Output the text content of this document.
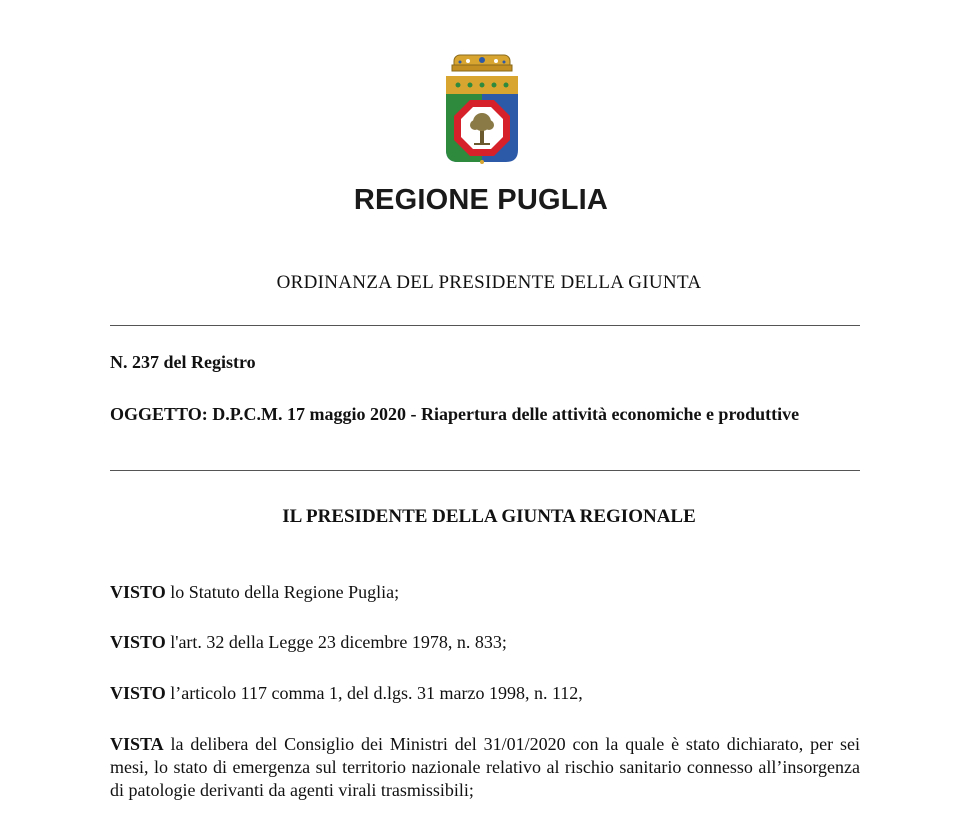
REGIONE PUGLIA
ORDINANZA DEL PRESIDENTE DELLA GIUNTA
N. 237 del Registro
OGGETTO: D.P.C.M. 17 maggio 2020 - Riapertura delle attività economiche e produttive
IL PRESIDENTE DELLA GIUNTA REGIONALE
VISTO lo Statuto della Regione Puglia;
VISTO l'art. 32 della Legge 23 dicembre 1978, n. 833;
VISTO l’articolo 117 comma 1, del d.lgs. 31 marzo 1998, n. 112,
VISTA la delibera del Consiglio dei Ministri del 31/01/2020 con la quale è stato dichiarato, per sei mesi, lo stato di emergenza sul territorio nazionale relativo al rischio sanitario connesso all’insorgenza di patologie derivanti da agenti virali trasmissibili;
